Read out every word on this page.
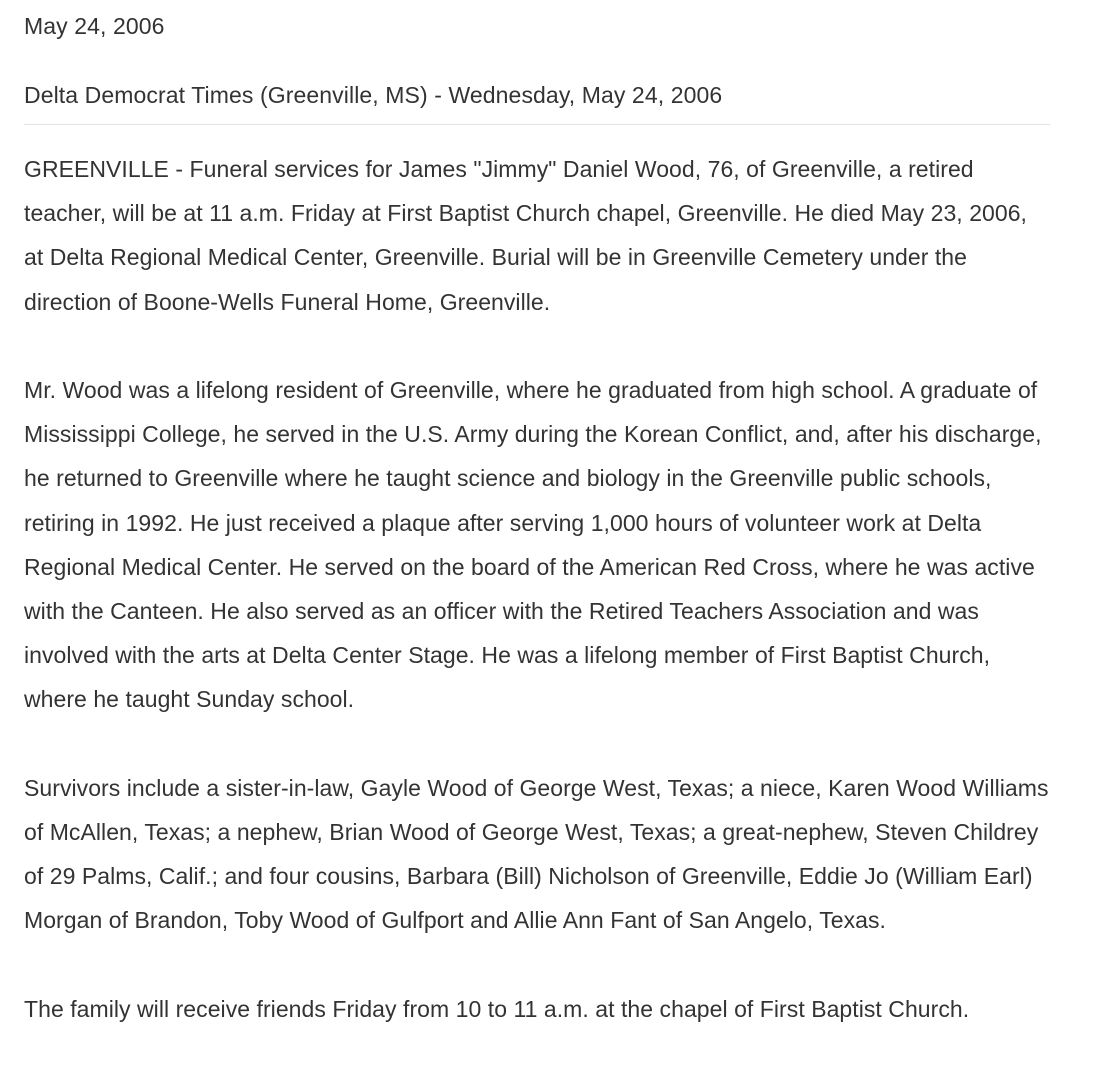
May 24, 2006
Delta Democrat Times (Greenville, MS) - Wednesday, May 24, 2006

GREENVILLE - Funeral services for James "Jimmy" Daniel Wood, 76, of Greenville, a retired teacher, will be at 11 a.m. Friday at First Baptist Church chapel, Greenville. He died May 23, 2006, at Delta Regional Medical Center, Greenville. Burial will be in Greenville Cemetery under the direction of Boone-Wells Funeral Home, Greenville.

Mr. Wood was a lifelong resident of Greenville, where he graduated from high school. A graduate of Mississippi College, he served in the U.S. Army during the Korean Conflict, and, after his discharge, he returned to Greenville where he taught science and biology in the Greenville public schools, retiring in 1992. He just received a plaque after serving 1,000 hours of volunteer work at Delta Regional Medical Center. He served on the board of the American Red Cross, where he was active with the Canteen. He also served as an officer with the Retired Teachers Association and was involved with the arts at Delta Center Stage. He was a lifelong member of First Baptist Church, where he taught Sunday school.

Survivors include a sister-in-law, Gayle Wood of George West, Texas; a niece, Karen Wood Williams of McAllen, Texas; a nephew, Brian Wood of George West, Texas; a great-nephew, Steven Childrey of 29 Palms, Calif.; and four cousins, Barbara (Bill) Nicholson of Greenville, Eddie Jo (William Earl) Morgan of Brandon, Toby Wood of Gulfport and Allie Ann Fant of San Angelo, Texas.

The family will receive friends Friday from 10 to 11 a.m. at the chapel of First Baptist Church.
